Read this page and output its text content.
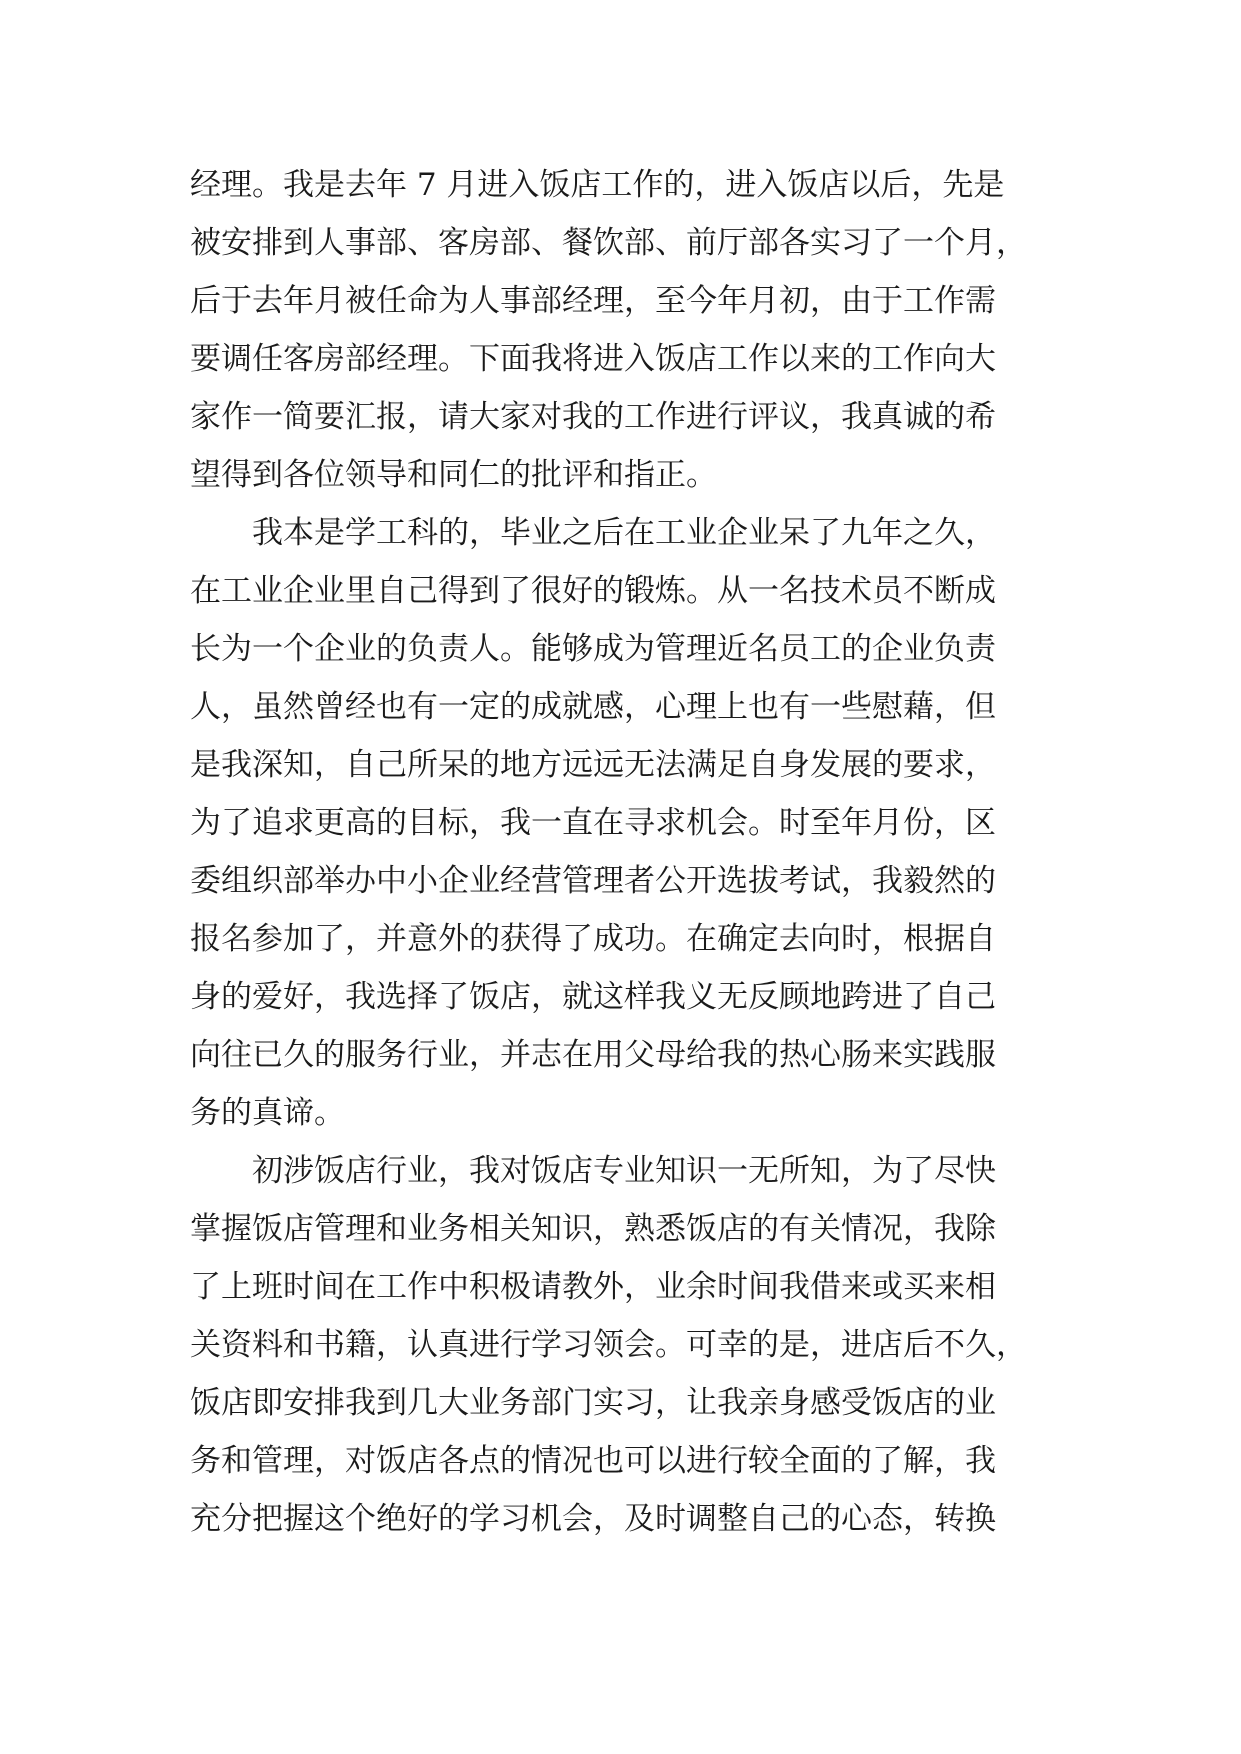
经理。我是去年 7 月进入饭店工作的，进入饭店以后，先是
被安排到人事部、客房部、餐饮部、前厅部各实习了一个月，
后于去年月被任命为人事部经理，至今年月初，由于工作需
要调任客房部经理。下面我将进入饭店工作以来的工作向大
家作一简要汇报，请大家对我的工作进行评议，我真诚的希
望得到各位领导和同仁的批评和指正。
　　我本是学工科的，毕业之后在工业企业呆了九年之久，
在工业企业里自己得到了很好的锻炼。从一名技术员不断成
长为一个企业的负责人。能够成为管理近名员工的企业负责
人，虽然曾经也有一定的成就感，心理上也有一些慰藉，但
是我深知，自己所呆的地方远远无法满足自身发展的要求，
为了追求更高的目标，我一直在寻求机会。时至年月份，区
委组织部举办中小企业经营管理者公开选拔考试，我毅然的
报名参加了，并意外的获得了成功。在确定去向时，根据自
身的爱好，我选择了饭店，就这样我义无反顾地跨进了自己
向往已久的服务行业，并志在用父母给我的热心肠来实践服
务的真谛。
　　初涉饭店行业，我对饭店专业知识一无所知，为了尽快
掌握饭店管理和业务相关知识，熟悉饭店的有关情况，我除
了上班时间在工作中积极请教外，业余时间我借来或买来相
关资料和书籍，认真进行学习领会。可幸的是，进店后不久，
饭店即安排我到几大业务部门实习，让我亲身感受饭店的业
务和管理，对饭店各点的情况也可以进行较全面的了解，我
充分把握这个绝好的学习机会，及时调整自己的心态，转换
